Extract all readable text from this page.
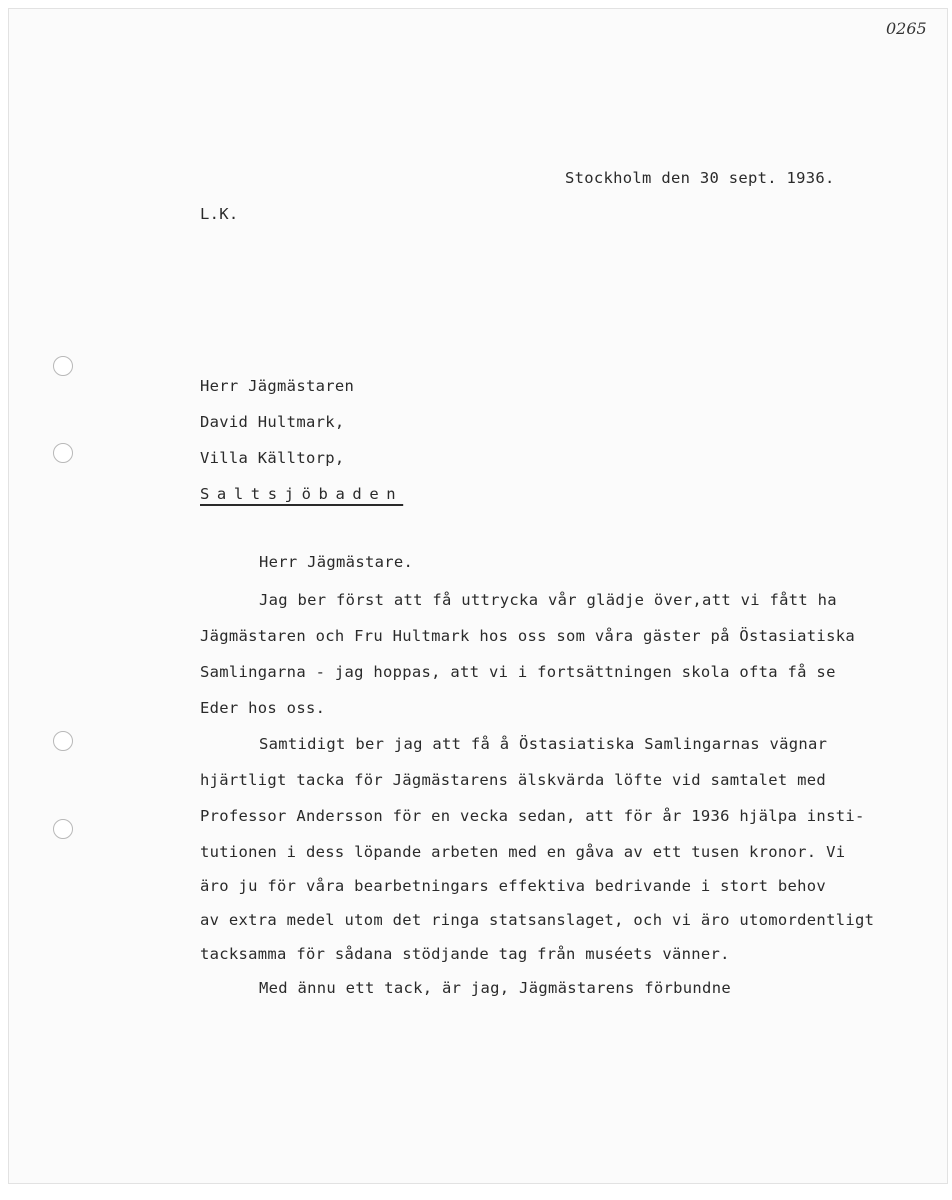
0265
Stockholm den 30 sept. 1936.
L.K.
Herr Jägmästaren
David Hultmark,
Villa Källtorp,
Saltsjöbaden
Herr Jägmästare.
Jag ber först att få uttrycka vår glädje över,att vi fått ha
Jägmästaren och Fru Hultmark hos oss som våra gäster på Östasiatiska
Samlingarna - jag hoppas, att vi i fortsättningen skola ofta få se
Eder hos oss.
Samtidigt ber jag att få å Östasiatiska Samlingarnas vägnar
hjärtligt tacka för Jägmästarens älskvärda löfte vid samtalet med
Professor Andersson för en vecka sedan, att för år 1936 hjälpa insti-
tutionen i dess löpande arbeten med en gåva av ett tusen kronor. Vi
äro ju för våra bearbetningars effektiva bedrivande i stort behov
av extra medel utom det ringa statsanslaget, och vi äro utomordentligt
tacksamma för sådana stödjande tag från muséets vänner.
Med ännu ett tack, är jag, Jägmästarens förbundne
